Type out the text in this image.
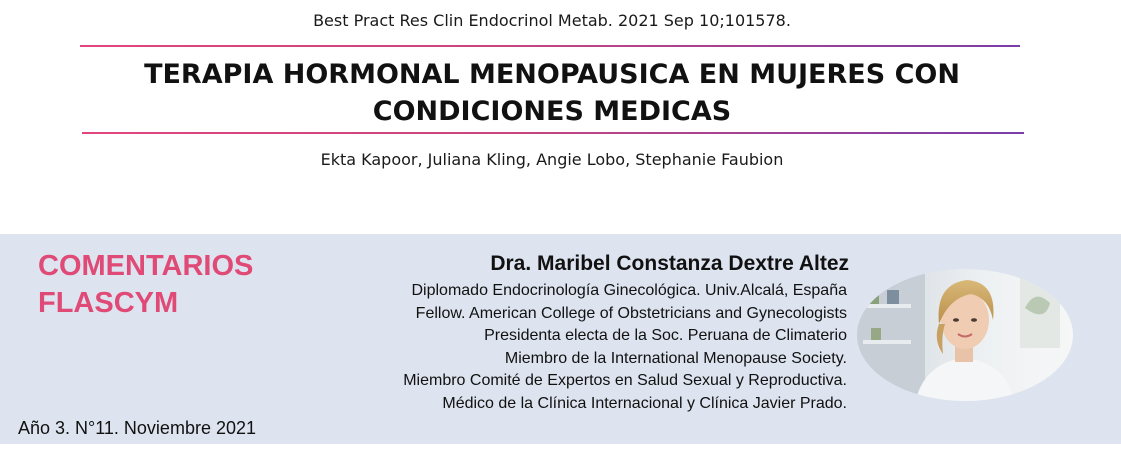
Best Pract Res Clin Endocrinol Metab. 2021 Sep 10;101578.
TERAPIA HORMONAL MENOPAUSICA EN MUJERES CON
CONDICIONES MEDICAS
Ekta Kapoor, Juliana Kling, Angie Lobo, Stephanie Faubion
COMENTARIOS
FLASCYM
Año 3. N°11. Noviembre 2021
Dra. Maribel Constanza Dextre Altez
Diplomado Endocrinología Ginecológica. Univ.Alcalá, España
Fellow. American College of Obstetricians and Gynecologists
Presidenta electa de la Soc. Peruana de Climaterio
Miembro de la International Menopause Society.
Miembro Comité de Expertos en Salud Sexual y Reproductiva.
Médico de la Clínica Internacional y Clínica Javier Prado.
